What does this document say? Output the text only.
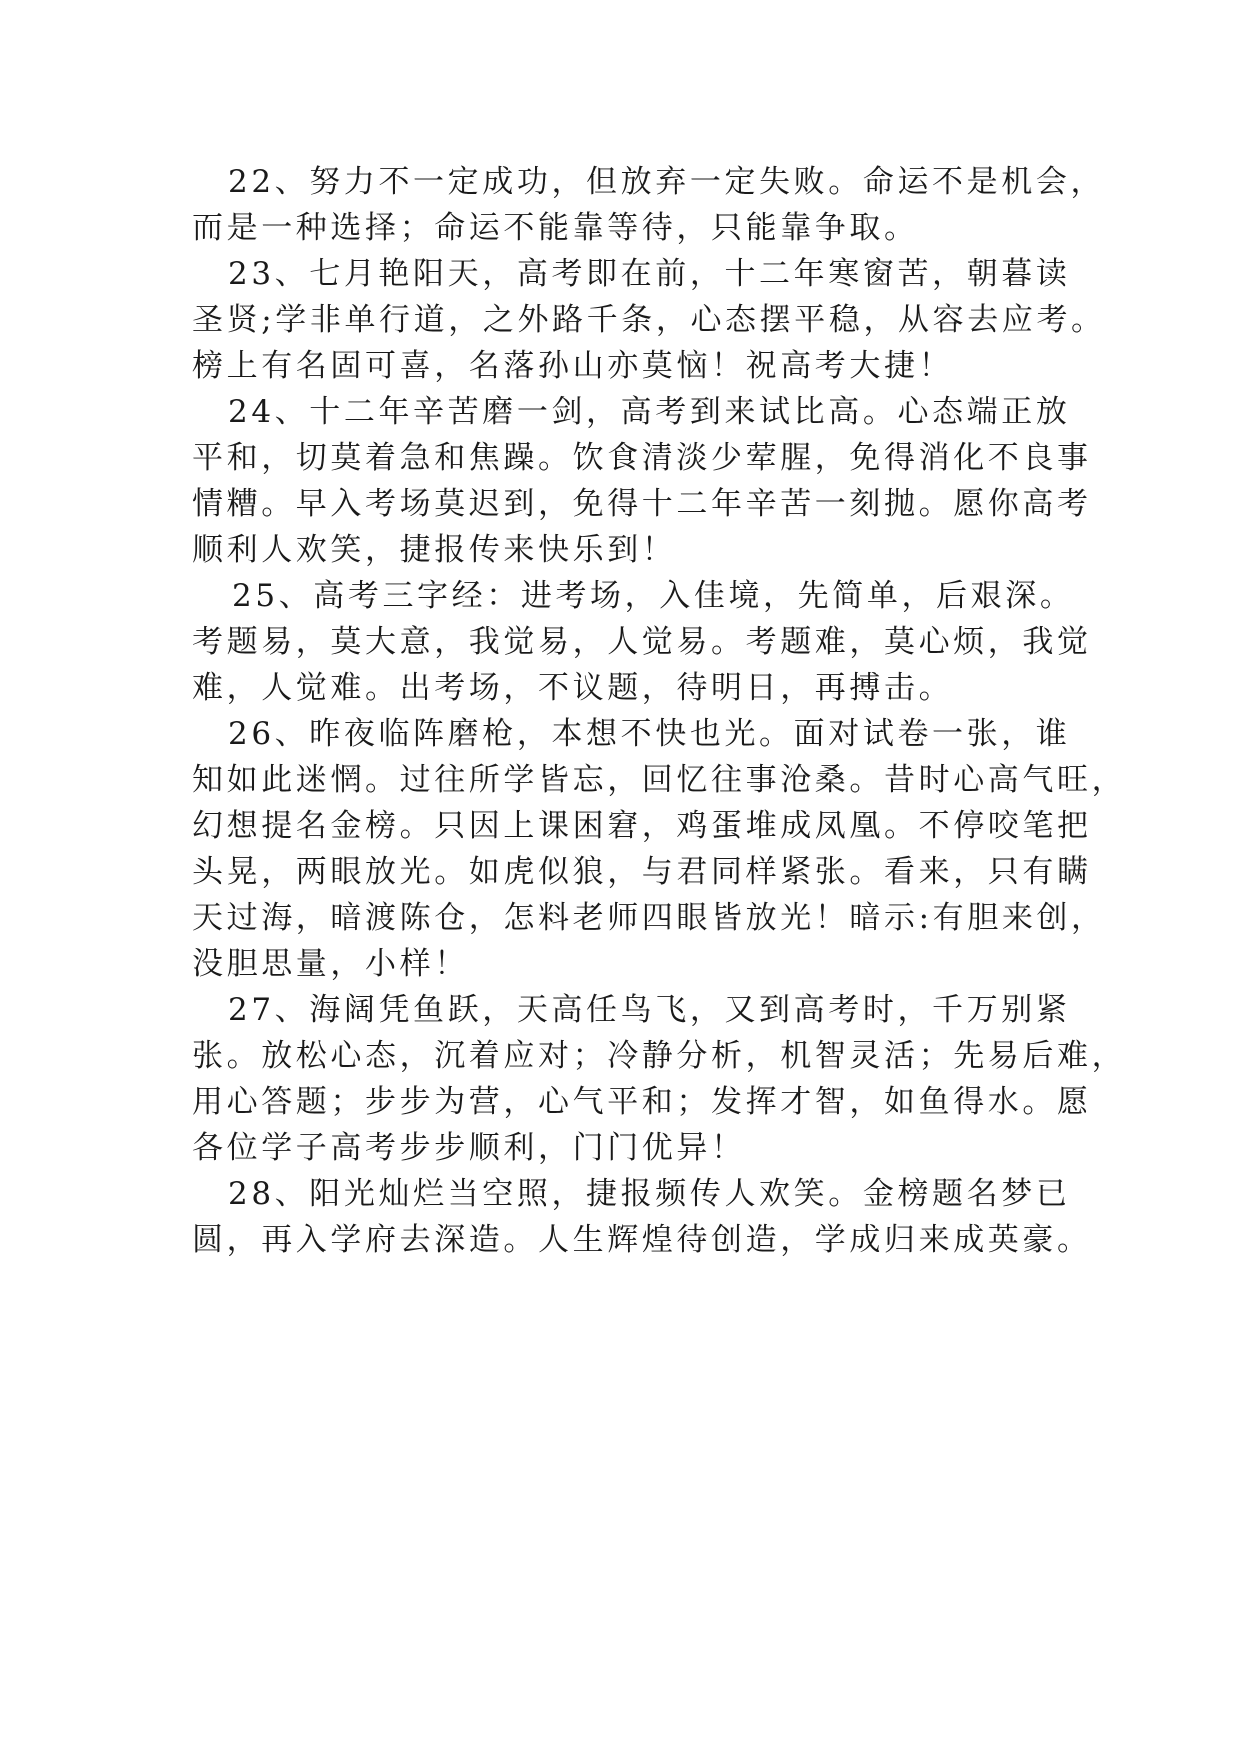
22、努力不一定成功，但放弃一定失败。命运不是机会，
而是一种选择；命运不能靠等待，只能靠争取。
23、七月艳阳天，高考即在前，十二年寒窗苦，朝暮读
圣贤;学非单行道，之外路千条，心态摆平稳，从容去应考。
榜上有名固可喜，名落孙山亦莫恼！祝高考大捷！
24、十二年辛苦磨一剑，高考到来试比高。心态端正放
平和，切莫着急和焦躁。饮食清淡少荤腥，免得消化不良事
情糟。早入考场莫迟到，免得十二年辛苦一刻抛。愿你高考
顺利人欢笑，捷报传来快乐到！
25、高考三字经：进考场，入佳境，先简单，后艰深。
考题易，莫大意，我觉易，人觉易。考题难，莫心烦，我觉
难，人觉难。出考场，不议题，待明日，再搏击。
26、昨夜临阵磨枪，本想不快也光。面对试卷一张，谁
知如此迷惘。过往所学皆忘，回忆往事沧桑。昔时心高气旺，
幻想提名金榜。只因上课困窘，鸡蛋堆成凤凰。不停咬笔把
头晃，两眼放光。如虎似狼，与君同样紧张。看来，只有瞒
天过海，暗渡陈仓，怎料老师四眼皆放光！暗示:有胆来创，
没胆思量，小样！
27、海阔凭鱼跃，天高任鸟飞，又到高考时，千万别紧
张。放松心态，沉着应对；冷静分析，机智灵活；先易后难，
用心答题；步步为营，心气平和；发挥才智，如鱼得水。愿
各位学子高考步步顺利，门门优异！
28、阳光灿烂当空照，捷报频传人欢笑。金榜题名梦已
圆，再入学府去深造。人生辉煌待创造，学成归来成英豪。
